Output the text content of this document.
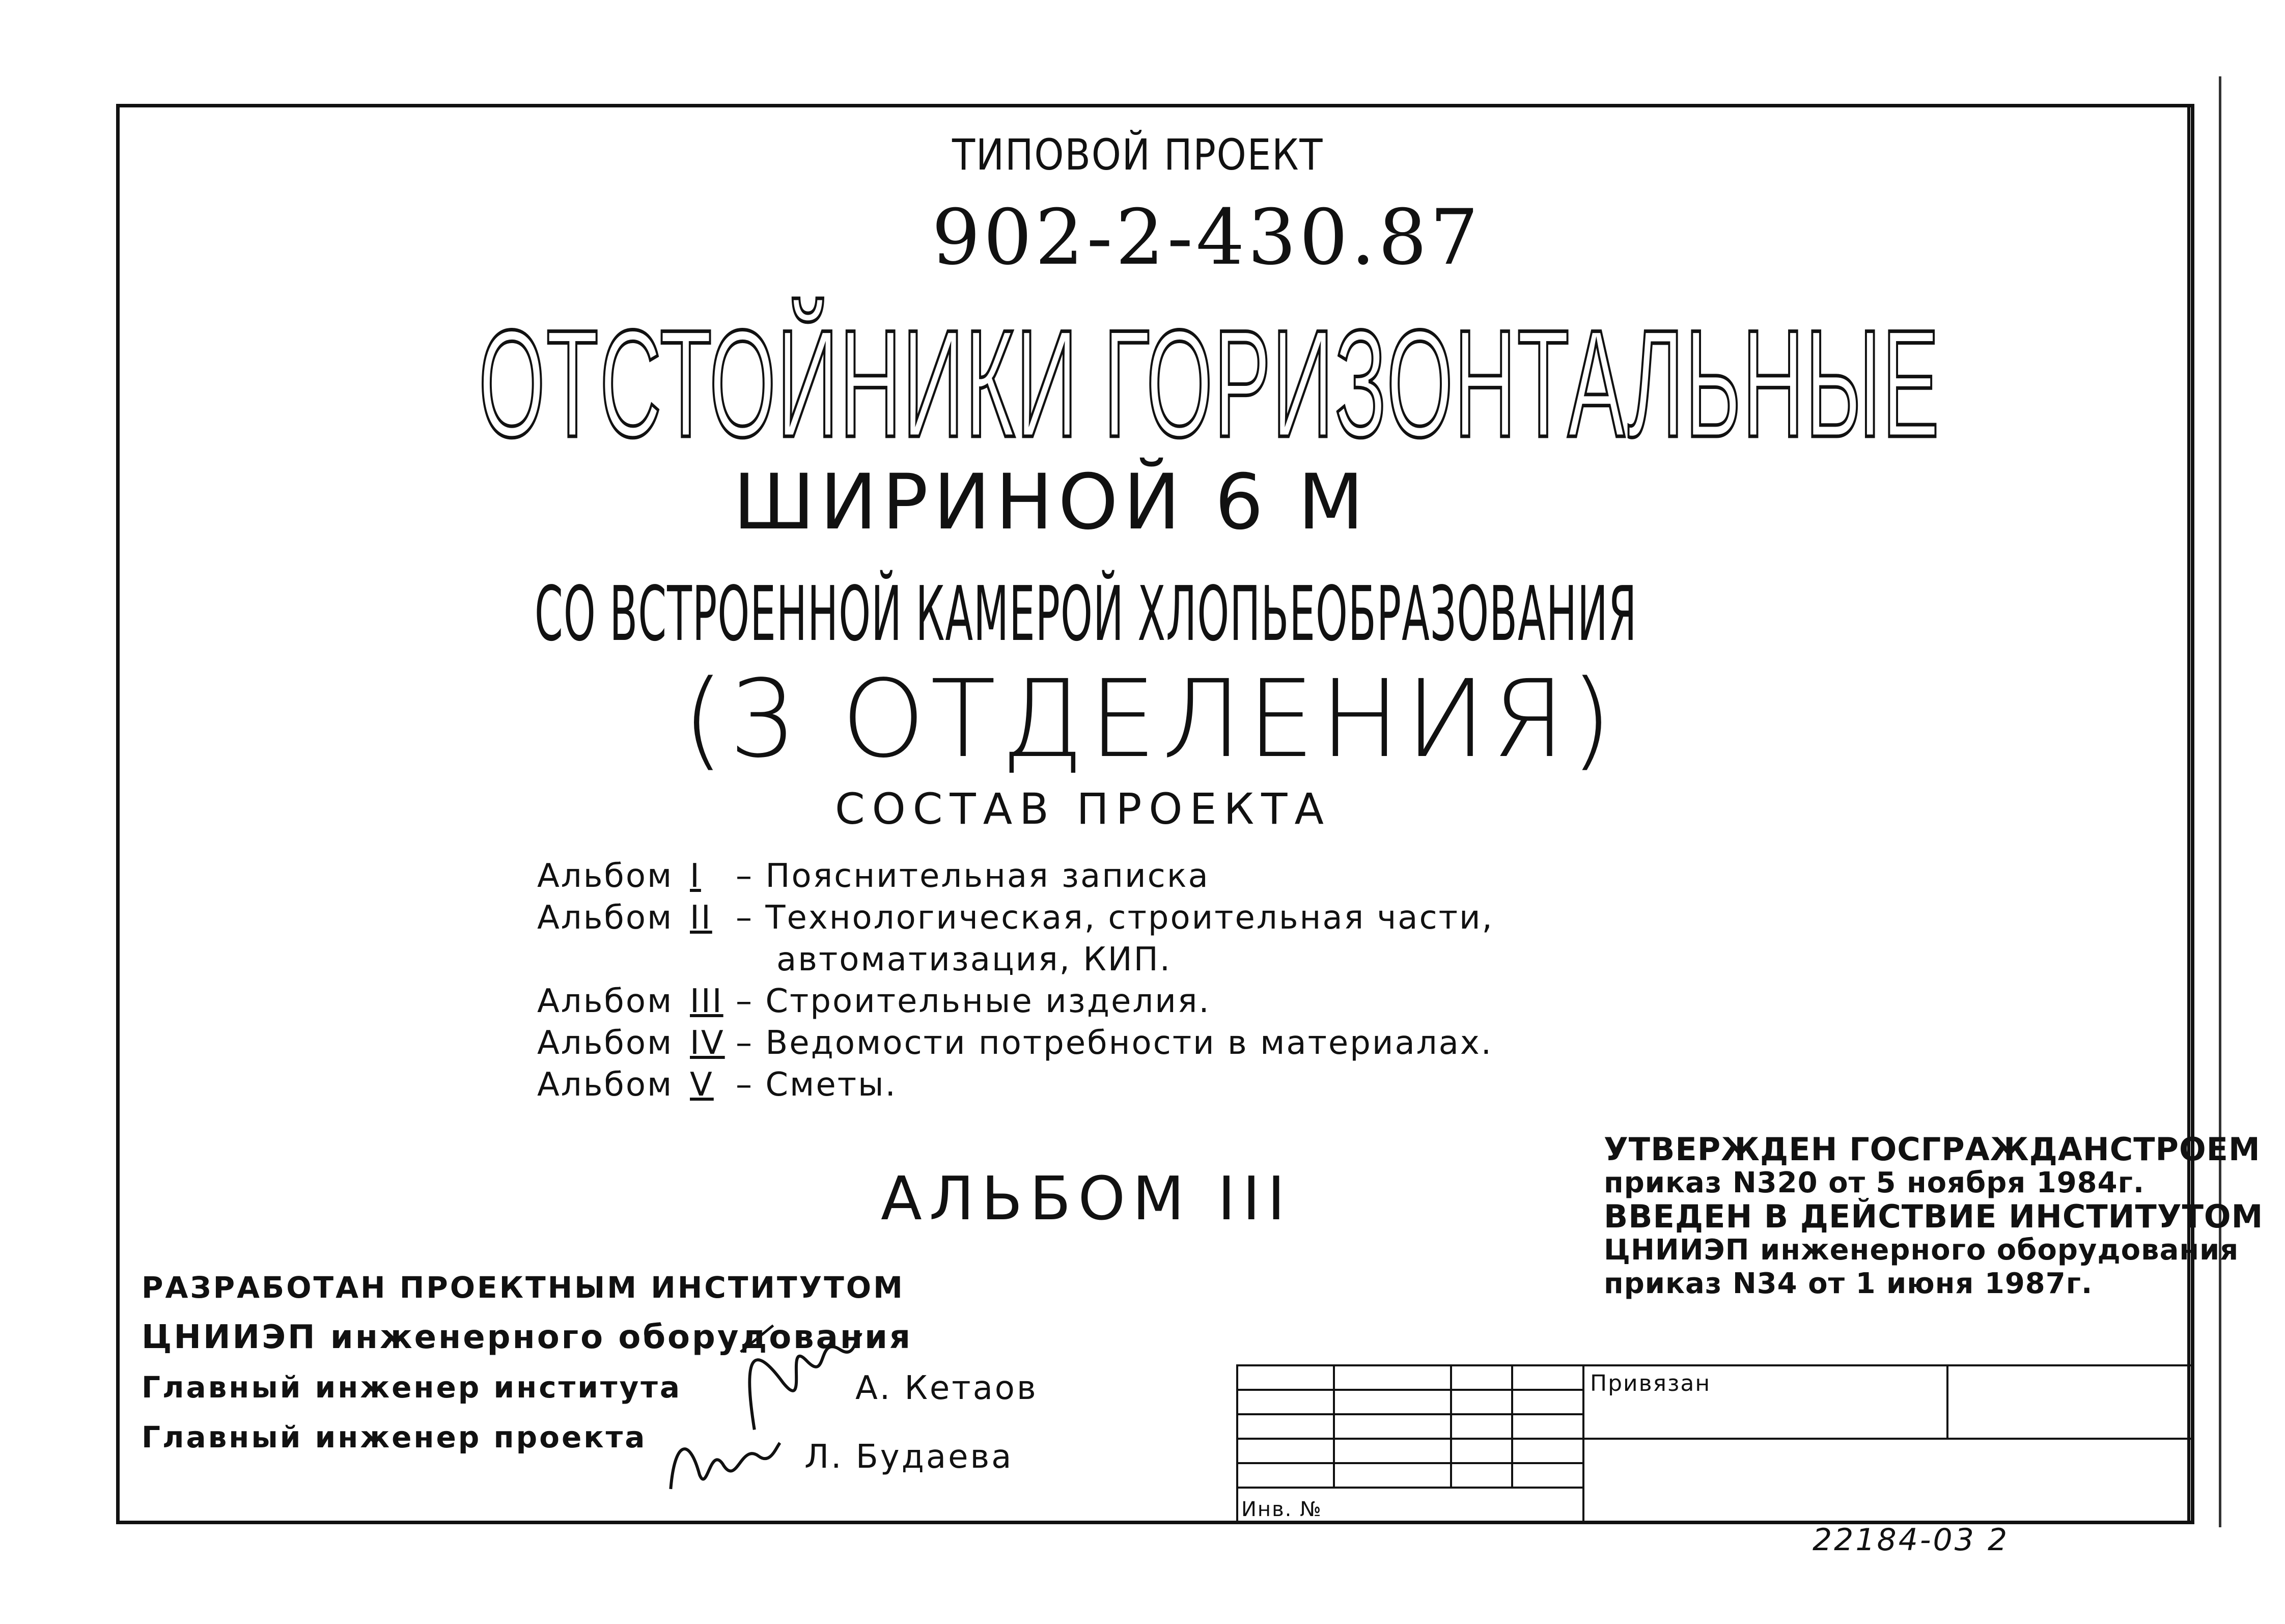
ТИПОВОЙ ПРОЕКТ
902-2-430.87
ОТСТОЙНИКИ ГОРИЗОНТАЛЬНЫЕ
ШИРИНОЙ 6 М
СО ВСТРОЕННОЙ КАМЕРОЙ ХЛОПЬЕОБРАЗОВАНИЯ
(3 ОТДЕЛЕНИЯ)
СОСТАВ ПРОЕКТА
Альбом I – Пояснительная записка
Альбом II – Технологическая, строительная части,
автоматизация, КИП.
Альбом III – Строительные изделия.
Альбом IV – Ведомости потребности в материалах.
Альбом V – Сметы.
АЛЬБОМ III
УТВЕРЖДЕН ГОСГРАЖДАНСТРОЕМ
приказ N320 от 5 ноября 1984г.
ВВЕДЕН В ДЕЙСТВИЕ ИНСТИТУТОМ
ЦНИИЭП инженерного оборудования
приказ N34 от 1 июня 1987г.
РАЗРАБОТАН ПРОЕКТНЫМ ИНСТИТУТОМ
ЦНИИЭП инженерного оборудования
Главный инженер института
Главный инженер проекта
А. Кетаов
Л. Будаева
Привязан
Инв. №
22184-03 2
